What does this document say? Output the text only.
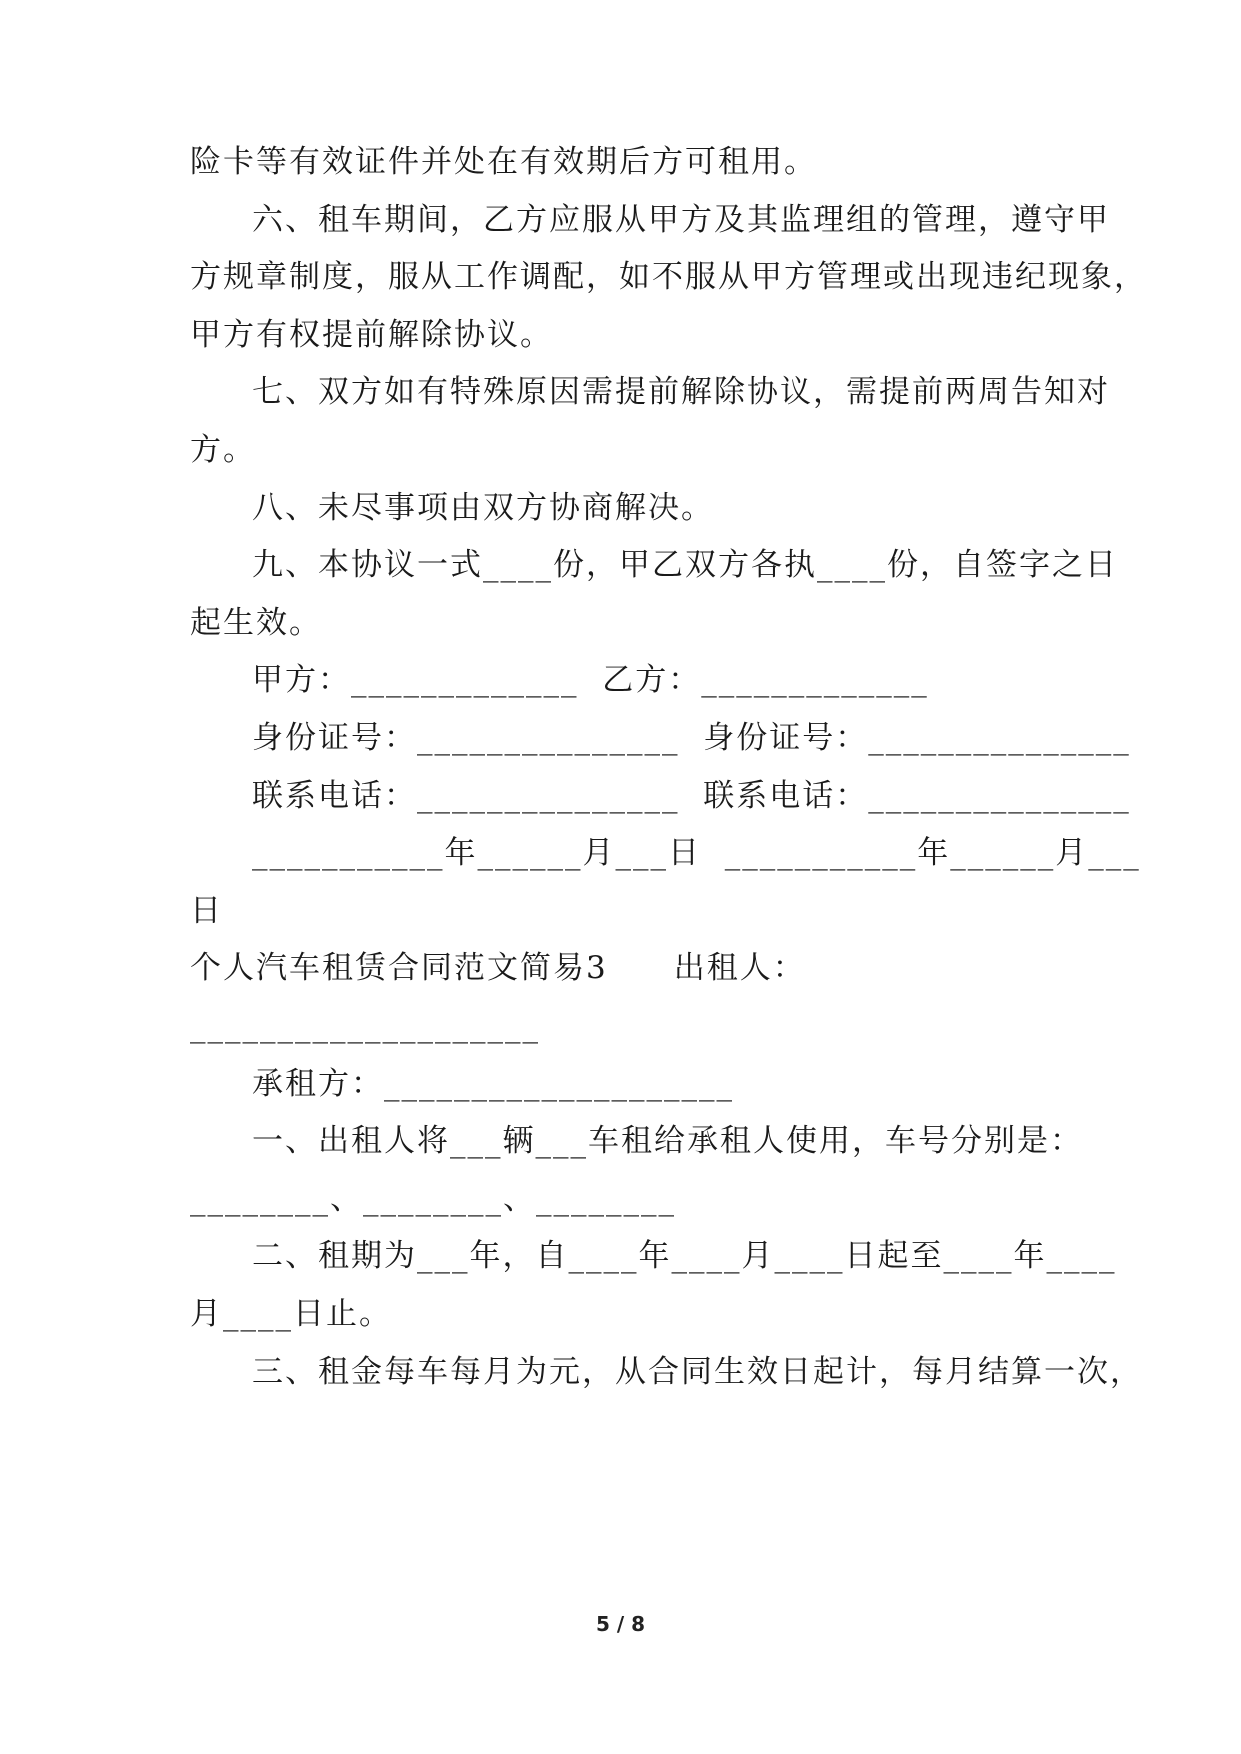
险卡等有效证件并处在有效期后方可租用。
六、租车期间，乙方应服从甲方及其监理组的管理，遵守甲
方规章制度，服从工作调配，如不服从甲方管理或出现违纪现象，
甲方有权提前解除协议。
七、双方如有特殊原因需提前解除协议，需提前两周告知对
方。
八、未尽事项由双方协商解决。
九、本协议一式____份，甲乙双方各执____份，自签字之日
起生效。
甲方：_____________  乙方：_____________
身份证号：_______________  身份证号：_______________
联系电话：_______________  联系电话：_______________
___________年______月___日  ___________年______月___
日
个人汽车租赁合同范文简易3　　出租人：
____________________
承租方：____________________
一、出租人将___辆___车租给承租人使用，车号分别是：
________、________、________
二、租期为___年，自____年____月____日起至____年____
月____日止。
三、租金每车每月为元，从合同生效日起计，每月结算一次，
5 / 8
